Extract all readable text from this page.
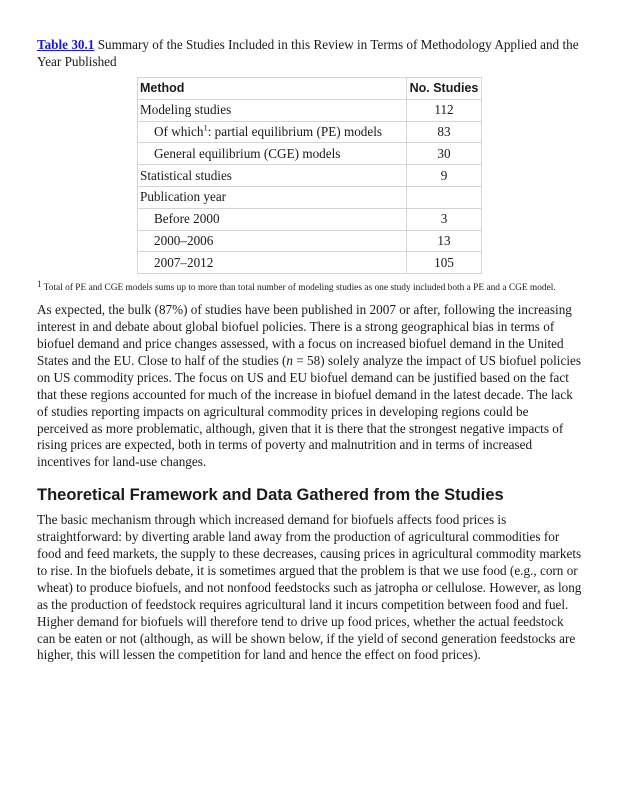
Table 30.1 Summary of the Studies Included in this Review in Terms of Methodology Applied and the Year Published

Method	No. Studies
Modeling studies	112
Of which$^1$: partial equilibrium (PE) models	83
General equilibrium (CGE) models	30
Statistical studies	9
Publication year	
Before 2000	3
2000–2006	13
2007–2012	105

$^1$ Total of PE and CGE models sums up to more than total number of modeling studies as one study included both a PE and a CGE model.

As expected, the bulk (87%) of studies have been published in 2007 or after, following the increasing interest in and debate about global biofuel policies. There is a strong geographical bias in terms of biofuel demand and price changes assessed, with a focus on increased biofuel demand in the United States and the EU. Close to half of the studies (n = 58) solely analyze the impact of US biofuel policies on US commodity prices. The focus on US and EU biofuel demand can be justified based on the fact that these regions accounted for much of the increase in biofuel demand in the latest decade. The lack of studies reporting impacts on agricultural commodity prices in developing regions could be perceived as more problematic, although, given that it is there that the strongest negative impacts of rising prices are expected, both in terms of poverty and malnutrition and in terms of increased incentives for land-use changes.

Theoretical Framework and Data Gathered from the Studies

The basic mechanism through which increased demand for biofuels affects food prices is straightforward: by diverting arable land away from the production of agricultural commodities for food and feed markets, the supply to these decreases, causing prices in agricultural commodity markets to rise. In the biofuels debate, it is sometimes argued that the problem is that we use food (e.g., corn or wheat) to produce biofuels, and not nonfood feedstocks such as jatropha or cellulose. However, as long as the production of feedstock requires agricultural land it incurs competition between food and fuel. Higher demand for biofuels will therefore tend to drive up food prices, whether the actual feedstock can be eaten or not (although, as will be shown below, if the yield of second generation feedstocks are higher, this will lessen the competition for land and hence the effect on food prices).
